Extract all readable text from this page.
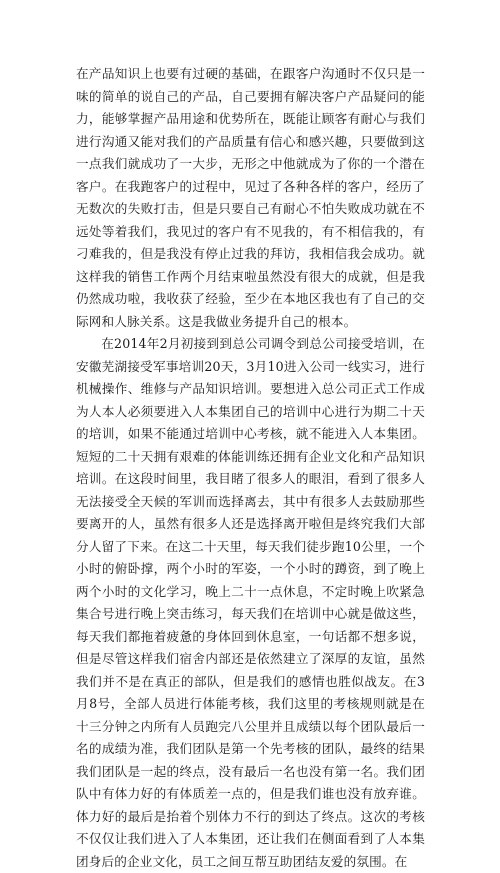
在产品知识上也要有过硬的基础，在跟客户沟通时不仅只是一味的简单的说自己的产品，自己要拥有解决客户产品疑问的能力，能够掌握产品用途和优势所在，既能让顾客有耐心与我们进行沟通又能对我们的产品质量有信心和感兴趣，只要做到这一点我们就成功了一大步，无形之中他就成为了你的一个潜在客户。在我跑客户的过程中，见过了各种各样的客户，经历了无数次的失败打击，但是只要自己有耐心不怕失败成功就在不远处等着我们，我见过的客户有不见我的，有不相信我的，有刁难我的，但是我没有停止过我的拜访，我相信我会成功。就这样我的销售工作两个月结束啦虽然没有很大的成就，但是我仍然成功啦，我收获了经验，至少在本地区我也有了自己的交际网和人脉关系。这是我做业务提升自己的根本。

在2014年2月初接到到总公司调令到总公司接受培训，在安徽芜湖接受军事培训20天，3月10进入公司一线实习，进行机械操作、维修与产品知识培训。要想进入总公司正式工作成为人本人必须要进入人本集团自己的培训中心进行为期二十天的培训，如果不能通过培训中心考核，就不能进入人本集团。短短的二十天拥有艰难的体能训练还拥有企业文化和产品知识培训。在这段时间里，我目睹了很多人的眼泪，看到了很多人无法接受全天候的军训而选择离去，其中有很多人去鼓励那些要离开的人，虽然有很多人还是选择离开啦但是终究我们大部分人留了下来。在这二十天里，每天我们徒步跑10公里，一个小时的俯卧撑，两个小时的军姿，一个小时的蹲资，到了晚上两个小时的文化学习，晚上二十一点休息，不定时晚上吹紧急集合号进行晚上突击练习，每天我们在培训中心就是做这些，每天我们都拖着疲惫的身体回到休息室，一句话都不想多说，但是尽管这样我们宿舍内部还是依然建立了深厚的友谊，虽然我们并不是在真正的部队，但是我们的感情也胜似战友。在3月8号，全部人员进行体能考核，我们这里的考核规则就是在十三分钟之内所有人员跑完八公里并且成绩以每个团队最后一名的成绩为准，我们团队是第一个先考核的团队，最终的结果我们团队是一起的终点，没有最后一名也没有第一名。我们团队中有体力好的有体质差一点的，但是我们谁也没有放弃谁。体力好的最后是抬着个别体力不行的到达了终点。这次的考核不仅仅让我们进入了人本集团，还让我们在侧面看到了人本集团身后的企业文化，员工之间互帮互助团结友爱的氛围。在
